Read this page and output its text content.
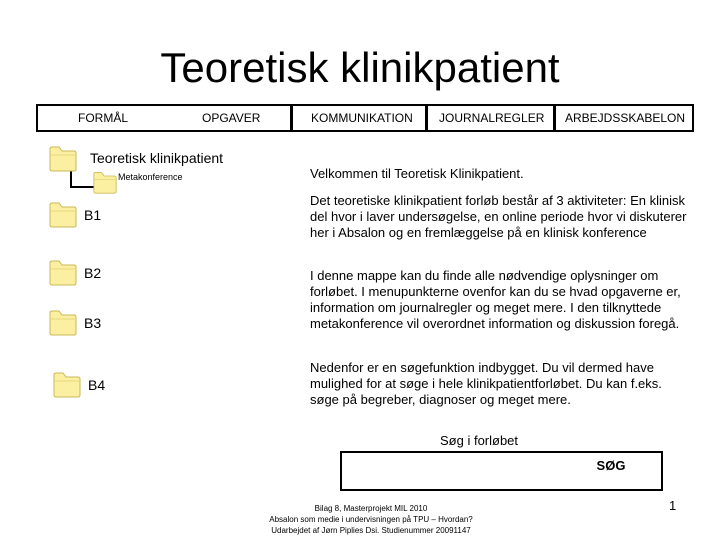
Teoretisk klinikpatient
FORMÅL	OPGAVER	KOMMUNIKATION JOURNALREGLER ARBEJDSSKABELON
Teoretisk klinikpatient
Metakonference
B1
B2
B3
B4

Velkommen til Teoretisk Klinikpatient.

Det teoretiske klinikpatient forløb består af 3 aktiviteter: En klinisk del hvor i laver undersøgelse, en online periode hvor vi diskuterer her i Absalon og en fremlæggelse på en klinisk konference

I denne mappe kan du finde alle nødvendige oplysninger om forløbet. I menupunkterne ovenfor kan du se hvad opgaverne er, information om journalregler og meget mere. I den tilknyttede metakonference vil overordnet information og diskussion foregå.

Nedenfor er en søgefunktion indbygget. Du vil dermed have mulighed for at søge i hele klinikpatientforløbet. Du kan f.eks. søge på begreber, diagnoser og meget mere.

Søg i forløbet
SØG
1
Bilag 8, Masterprojekt MIL 2010
Absalon som medie i undervisningen på TPU – Hvordan?
Udarbejdet af Jørn Piplies Dsi. Studienummer 20091147
